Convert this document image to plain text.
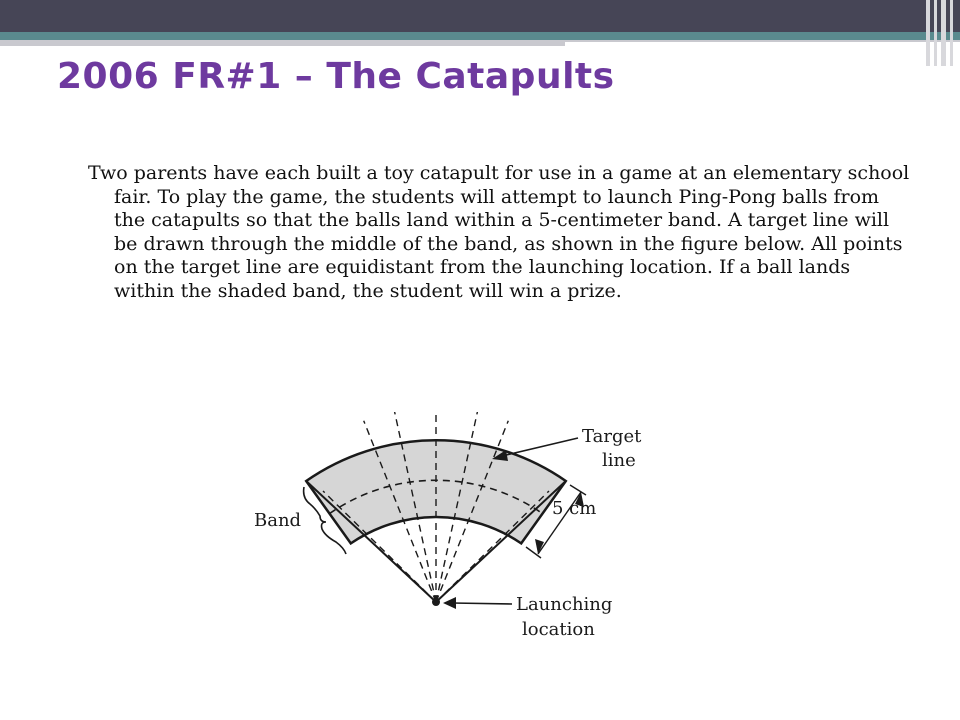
2006 FR#1 – The Catapults
Two parents have each built a toy catapult for use in a game at an elementary school fair. To play the game, the students will attempt to launch Ping-Pong balls from the catapults so that the balls land within a 5-centimeter band. A target line will be drawn through the middle of the band, as shown in the figure below. All points on the target line are equidistant from the launching location. If a ball lands within the shaded band, the student will win a prize.
Target
line
Band
5 cm
Launching
location
